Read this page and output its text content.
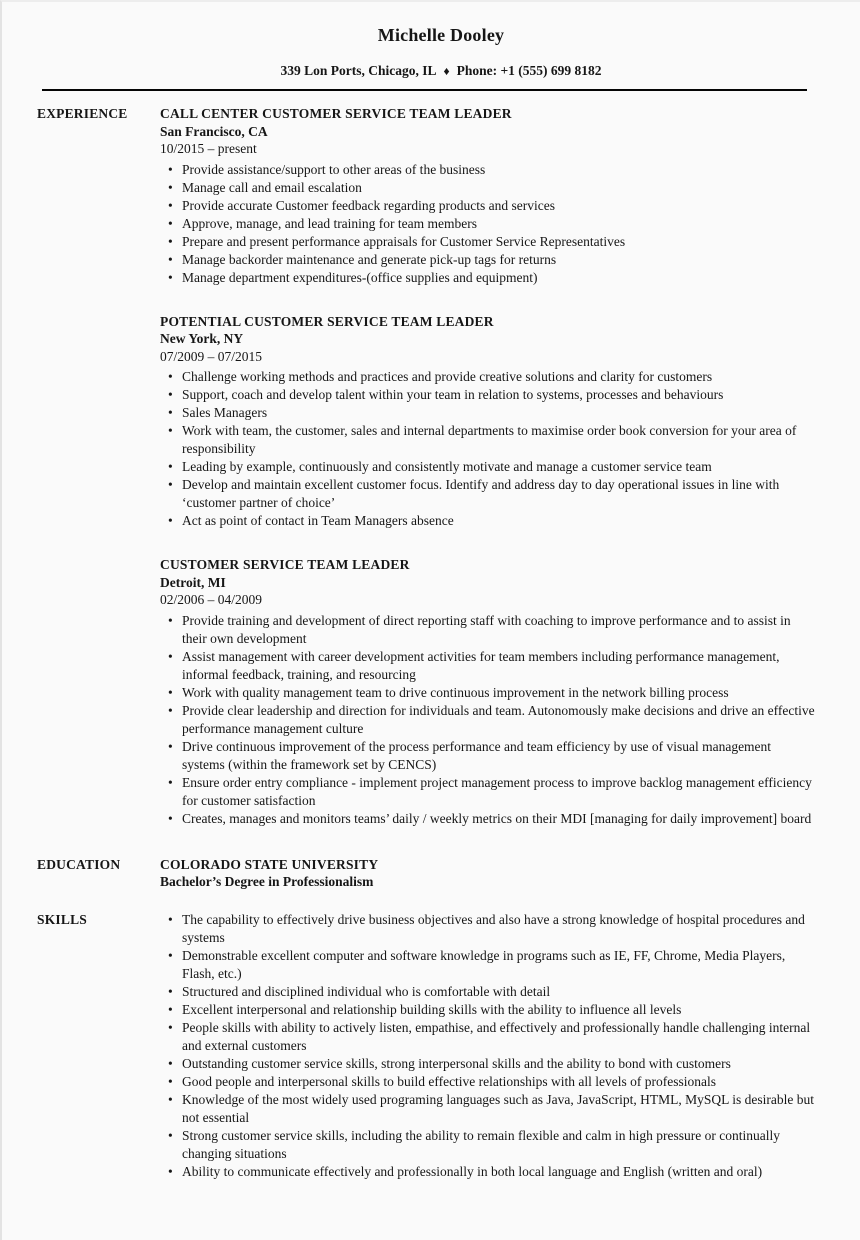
Michelle Dooley
339 Lon Ports, Chicago, IL ♦ Phone: +1 (555) 699 8182
EXPERIENCE	CALL CENTER CUSTOMER SERVICE TEAM LEADER
San Francisco, CA
10/2015 – present
• Provide assistance/support to other areas of the business
• Manage call and email escalation
• Provide accurate Customer feedback regarding products and services
• Approve, manage, and lead training for team members
• Prepare and present performance appraisals for Customer Service Representatives
• Manage backorder maintenance and generate pick-up tags for returns
• Manage department expenditures-(office supplies and equipment)
POTENTIAL CUSTOMER SERVICE TEAM LEADER
New York, NY
07/2009 – 07/2015
• Challenge working methods and practices and provide creative solutions and clarity for customers
• Support, coach and develop talent within your team in relation to systems, processes and behaviours
• Sales Managers
• Work with team, the customer, sales and internal departments to maximise order book conversion for your area of responsibility
• Leading by example, continuously and consistently motivate and manage a customer service team
• Develop and maintain excellent customer focus. Identify and address day to day operational issues in line with ‘customer partner of choice’
• Act as point of contact in Team Managers absence
CUSTOMER SERVICE TEAM LEADER
Detroit, MI
02/2006 – 04/2009
• Provide training and development of direct reporting staff with coaching to improve performance and to assist in their own development
• Assist management with career development activities for team members including performance management, informal feedback, training, and resourcing
• Work with quality management team to drive continuous improvement in the network billing process
• Provide clear leadership and direction for individuals and team. Autonomously make decisions and drive an effective performance management culture
• Drive continuous improvement of the process performance and team efficiency by use of visual management systems (within the framework set by CENCS)
• Ensure order entry compliance - implement project management process to improve backlog management efficiency for customer satisfaction
• Creates, manages and monitors teams’ daily / weekly metrics on their MDI [managing for daily improvement] board
EDUCATION	COLORADO STATE UNIVERSITY
Bachelor’s Degree in Professionalism
SKILLS	• The capability to effectively drive business objectives and also have a strong knowledge of hospital procedures and systems
• Demonstrable excellent computer and software knowledge in programs such as IE, FF, Chrome, Media Players, Flash, etc.)
• Structured and disciplined individual who is comfortable with detail
• Excellent interpersonal and relationship building skills with the ability to influence all levels
• People skills with ability to actively listen, empathise, and effectively and professionally handle challenging internal and external customers
• Outstanding customer service skills, strong interpersonal skills and the ability to bond with customers
• Good people and interpersonal skills to build effective relationships with all levels of professionals
• Knowledge of the most widely used programing languages such as Java, JavaScript, HTML, MySQL is desirable but not essential
• Strong customer service skills, including the ability to remain flexible and calm in high pressure or continually changing situations
• Ability to communicate effectively and professionally in both local language and English (written and oral)
